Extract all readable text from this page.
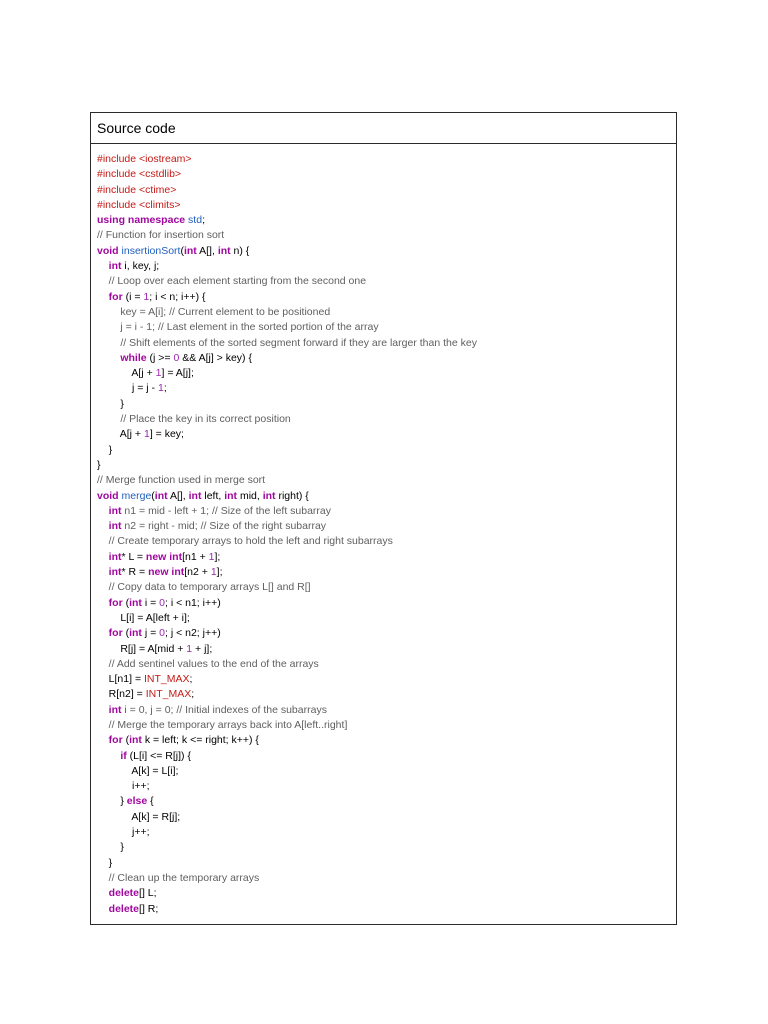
Source code
#include <iostream>
#include <cstdlib>
#include <ctime>
#include <climits>
using namespace std;
// Function for insertion sort
void insertionSort(int A[], int n) {
int i, key, j;
// Loop over each element starting from the second one
for (i = 1; i < n; i++) {
key = A[i]; // Current element to be positioned
j = i - 1; // Last element in the sorted portion of the array
// Shift elements of the sorted segment forward if they are larger than the key
while (j >= 0 && A[j] > key) {
A[j + 1] = A[j];
j = j - 1;
}
// Place the key in its correct position
A[j + 1] = key;
}
}
// Merge function used in merge sort
void merge(int A[], int left, int mid, int right) {
int n1 = mid - left + 1; // Size of the left subarray
int n2 = right - mid; // Size of the right subarray
// Create temporary arrays to hold the left and right subarrays
int* L = new int[n1 + 1];
int* R = new int[n2 + 1];
// Copy data to temporary arrays L[] and R[]
for (int i = 0; i < n1; i++)
L[i] = A[left + i];
for (int j = 0; j < n2; j++)
R[j] = A[mid + 1 + j];
// Add sentinel values to the end of the arrays
L[n1] = INT_MAX;
R[n2] = INT_MAX;
int i = 0, j = 0; // Initial indexes of the subarrays
// Merge the temporary arrays back into A[left..right]
for (int k = left; k <= right; k++) {
if (L[i] <= R[j]) {
A[k] = L[i];
i++;
} else {
A[k] = R[j];
j++;
}
}
// Clean up the temporary arrays
delete[] L;
delete[] R;
